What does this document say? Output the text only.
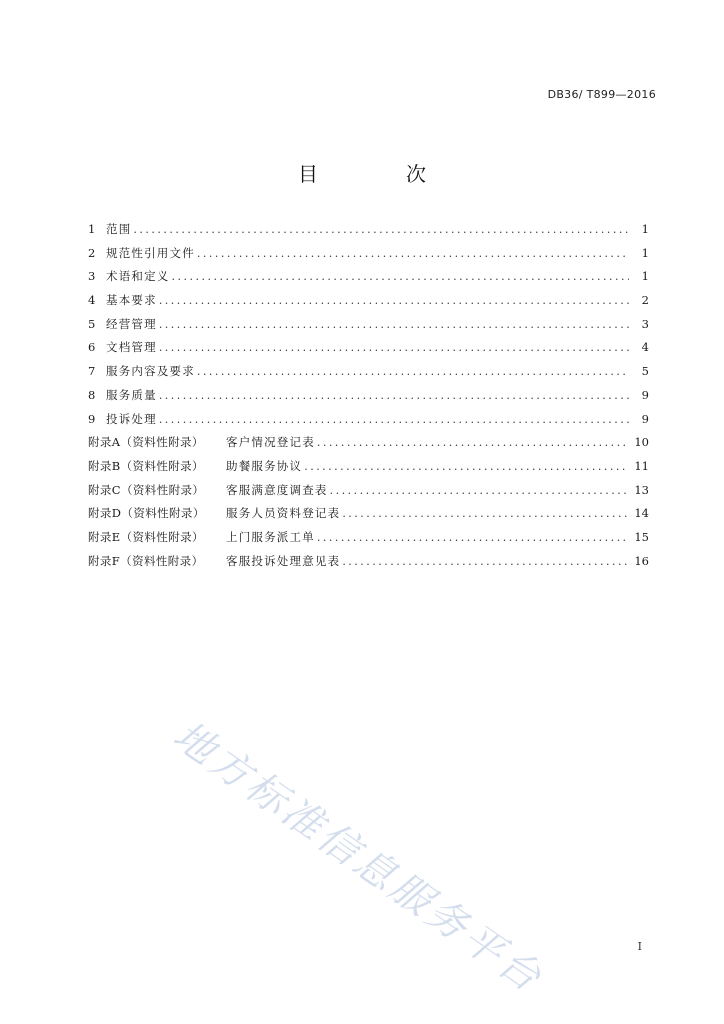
DB36/ T899—2016
目　次
1 范围 . . .	1
2 规范性引用文件 . . .	1
3 术语和定义 . . .	1
4 基本要求 . . .	2
5 经营管理 . . .	3
6 文档管理 . . .	4
7 服务内容及要求 . . .	5
8 服务质量 . . .	9
9 投诉处理 . . .	9
附录A（资料性附录）	客户情况登记表 . . .	10
附录B（资料性附录）	助餐服务协议 . . .	11
附录C（资料性附录）	客服满意度调查表 . . .	13
附录D（资料性附录）	服务人员资料登记表 . . .	14
附录E（资料性附录）	上门服务派工单 . . .	15
附录F（资料性附录）	客服投诉处理意见表 . . .	16
地方标准信息服务平台	I
